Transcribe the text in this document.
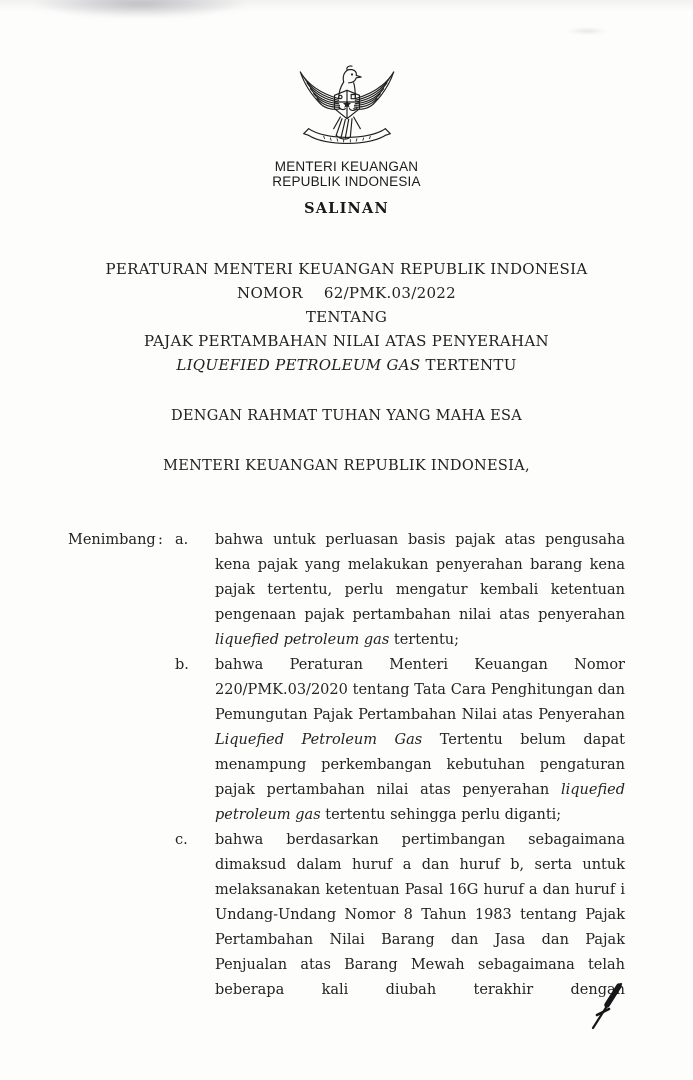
MENTERI KEUANGAN
REPUBLIK INDONESIA
SALINAN
PERATURAN MENTERI KEUANGAN REPUBLIK INDONESIA
NOMOR 62/PMK.03/2022
TENTANG
PAJAK PERTAMBAHAN NILAI ATAS PENYERAHAN
LIQUEFIED PETROLEUM GAS TERTENTU
DENGAN RAHMAT TUHAN YANG MAHA ESA
MENTERI KEUANGAN REPUBLIK INDONESIA,
Menimbang : a.	bahwa untuk perluasan basis pajak atas pengusaha kena pajak yang melakukan penyerahan barang kena pajak tertentu, perlu mengatur kembali ketentuan pengenaan pajak pertambahan nilai atas penyerahan liquefied petroleum gas tertentu;
b.	bahwa Peraturan Menteri Keuangan Nomor 220/PMK.03/2020 tentang Tata Cara Penghitungan dan Pemungutan Pajak Pertambahan Nilai atas Penyerahan Liquefied Petroleum Gas Tertentu belum dapat menampung perkembangan kebutuhan pengaturan pajak pertambahan nilai atas penyerahan liquefied petroleum gas tertentu sehingga perlu diganti;
c.	bahwa berdasarkan pertimbangan sebagaimana dimaksud dalam huruf a dan huruf b, serta untuk melaksanakan ketentuan Pasal 16G huruf a dan huruf i Undang-Undang Nomor 8 Tahun 1983 tentang Pajak Pertambahan Nilai Barang dan Jasa dan Pajak Penjualan atas Barang Mewah sebagaimana telah beberapa kali diubah terakhir dengan
